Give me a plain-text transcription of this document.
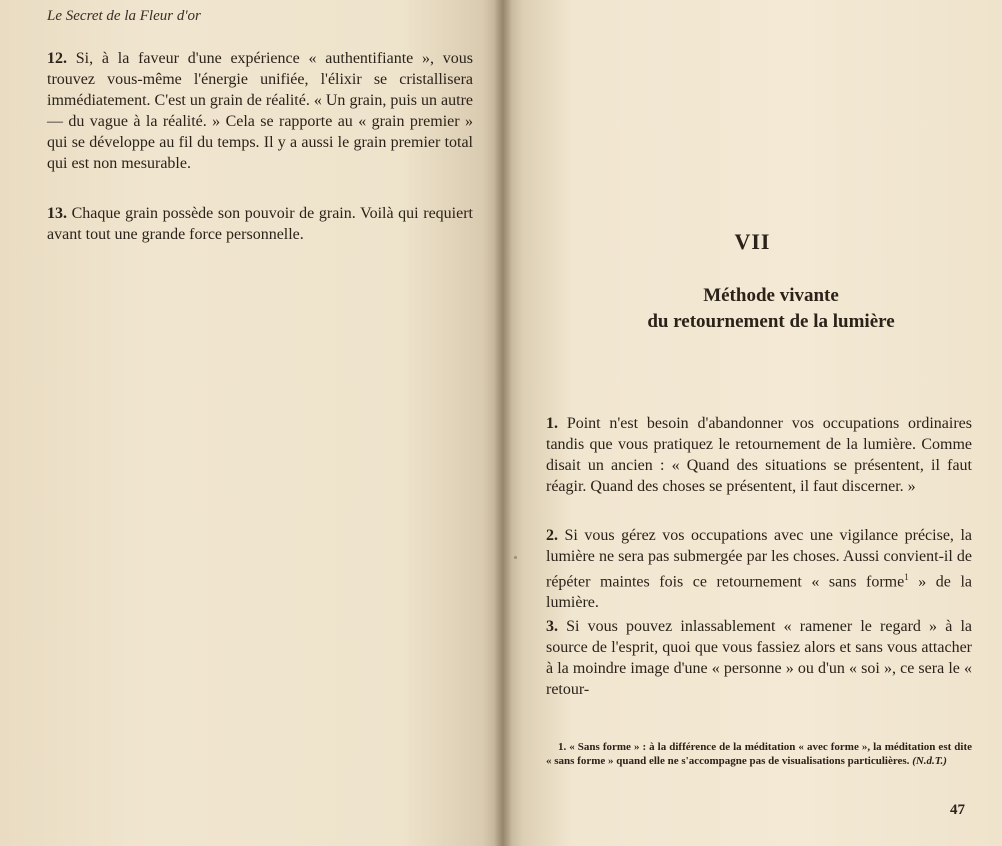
Le Secret de la Fleur d'or

12. Si, à la faveur d'une expérience « authentifiante », vous trouvez vous-même l'énergie unifiée, l'élixir se cristallisera immédiatement. C'est un grain de réalité. « Un grain, puis un autre — du vague à la réalité. » Cela se rapporte au « grain premier » qui se développe au fil du temps. Il y a aussi le grain premier total qui est non mesurable.

13. Chaque grain possède son pouvoir de grain. Voilà qui requiert avant tout une grande force personnelle.	VII
Méthode vivante
du retournement de la lumière

1. Point n'est besoin d'abandonner vos occupations ordinaires tandis que vous pratiquez le retournement de la lumière. Comme disait un ancien : « Quand des situations se présentent, il faut réagir. Quand des choses se présentent, il faut discerner. »

2. Si vous gérez vos occupations avec une vigilance précise, la lumière ne sera pas submergée par les choses. Aussi convient-il de répéter maintes fois ce retournement « sans forme$^1$ » de la lumière.

3. Si vous pouvez inlassablement « ramener le regard » à la source de l'esprit, quoi que vous fassiez alors et sans vous attacher à la moindre image d'une « personne » ou d'un « soi », ce sera le « retour-

1. « Sans forme » : à la différence de la méditation « avec forme », la méditation est dite « sans forme » quand elle ne s'accompagne pas de visualisations particulières. (N.d.T.)
47
